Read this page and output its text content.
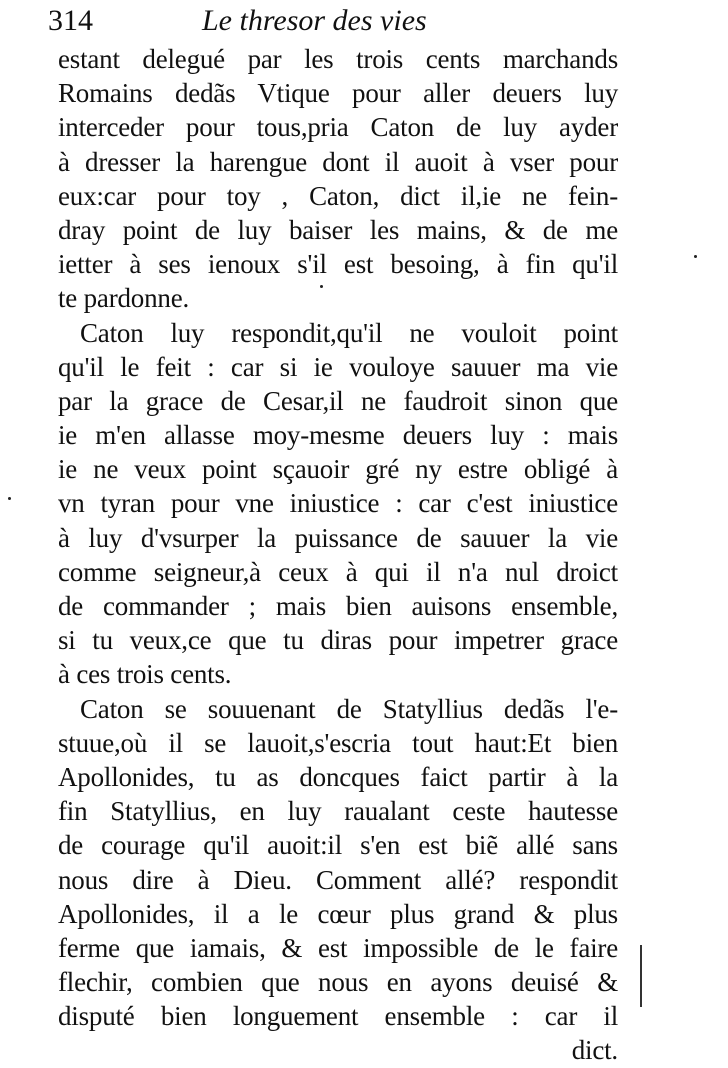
314	Le thresor des vies
estant delegué par les trois cents marchands
Romains dedãs Vtique pour aller deuers luy
interceder pour tous,pria Caton de luy ayder
à dresser la harengue dont il auoit à vser pour
eux:car pour toy , Caton, dict il,ie ne fein-
dray point de luy baiser les mains, & de me
ietter à ses ienoux s'il est besoing, à fin qu'il
te pardonne.
Caton luy respondit,qu'il ne vouloit point
qu'il le feit : car si ie vouloye sauuer ma vie
par la grace de Cesar,il ne faudroit sinon que
ie m'en allasse moy-mesme deuers luy : mais
ie ne veux point sçauoir gré ny estre obligé à
vn tyran pour vne iniustice : car c'est iniustice
à luy d'vsurper la puissance de sauuer la vie
comme seigneur,à ceux à qui il n'a nul droict
de commander ; mais bien auisons ensemble,
si tu veux,ce que tu diras pour impetrer grace
à ces trois cents.
Caton se souuenant de Statyllius dedãs l'e-
stuue,où il se lauoit,s'escria tout haut:Et bien
Apollonides, tu as doncques faict partir à la
fin Statyllius, en luy raualant ceste hautesse
de courage qu'il auoit:il s'en est biẽ allé sans
nous dire à Dieu. Comment allé? respondit
Apollonides, il a le cœur plus grand & plus
ferme que iamais, & est impossible de le faire
flechir, combien que nous en ayons deuisé &
disputé bien longuement ensemble : car il
dict.
